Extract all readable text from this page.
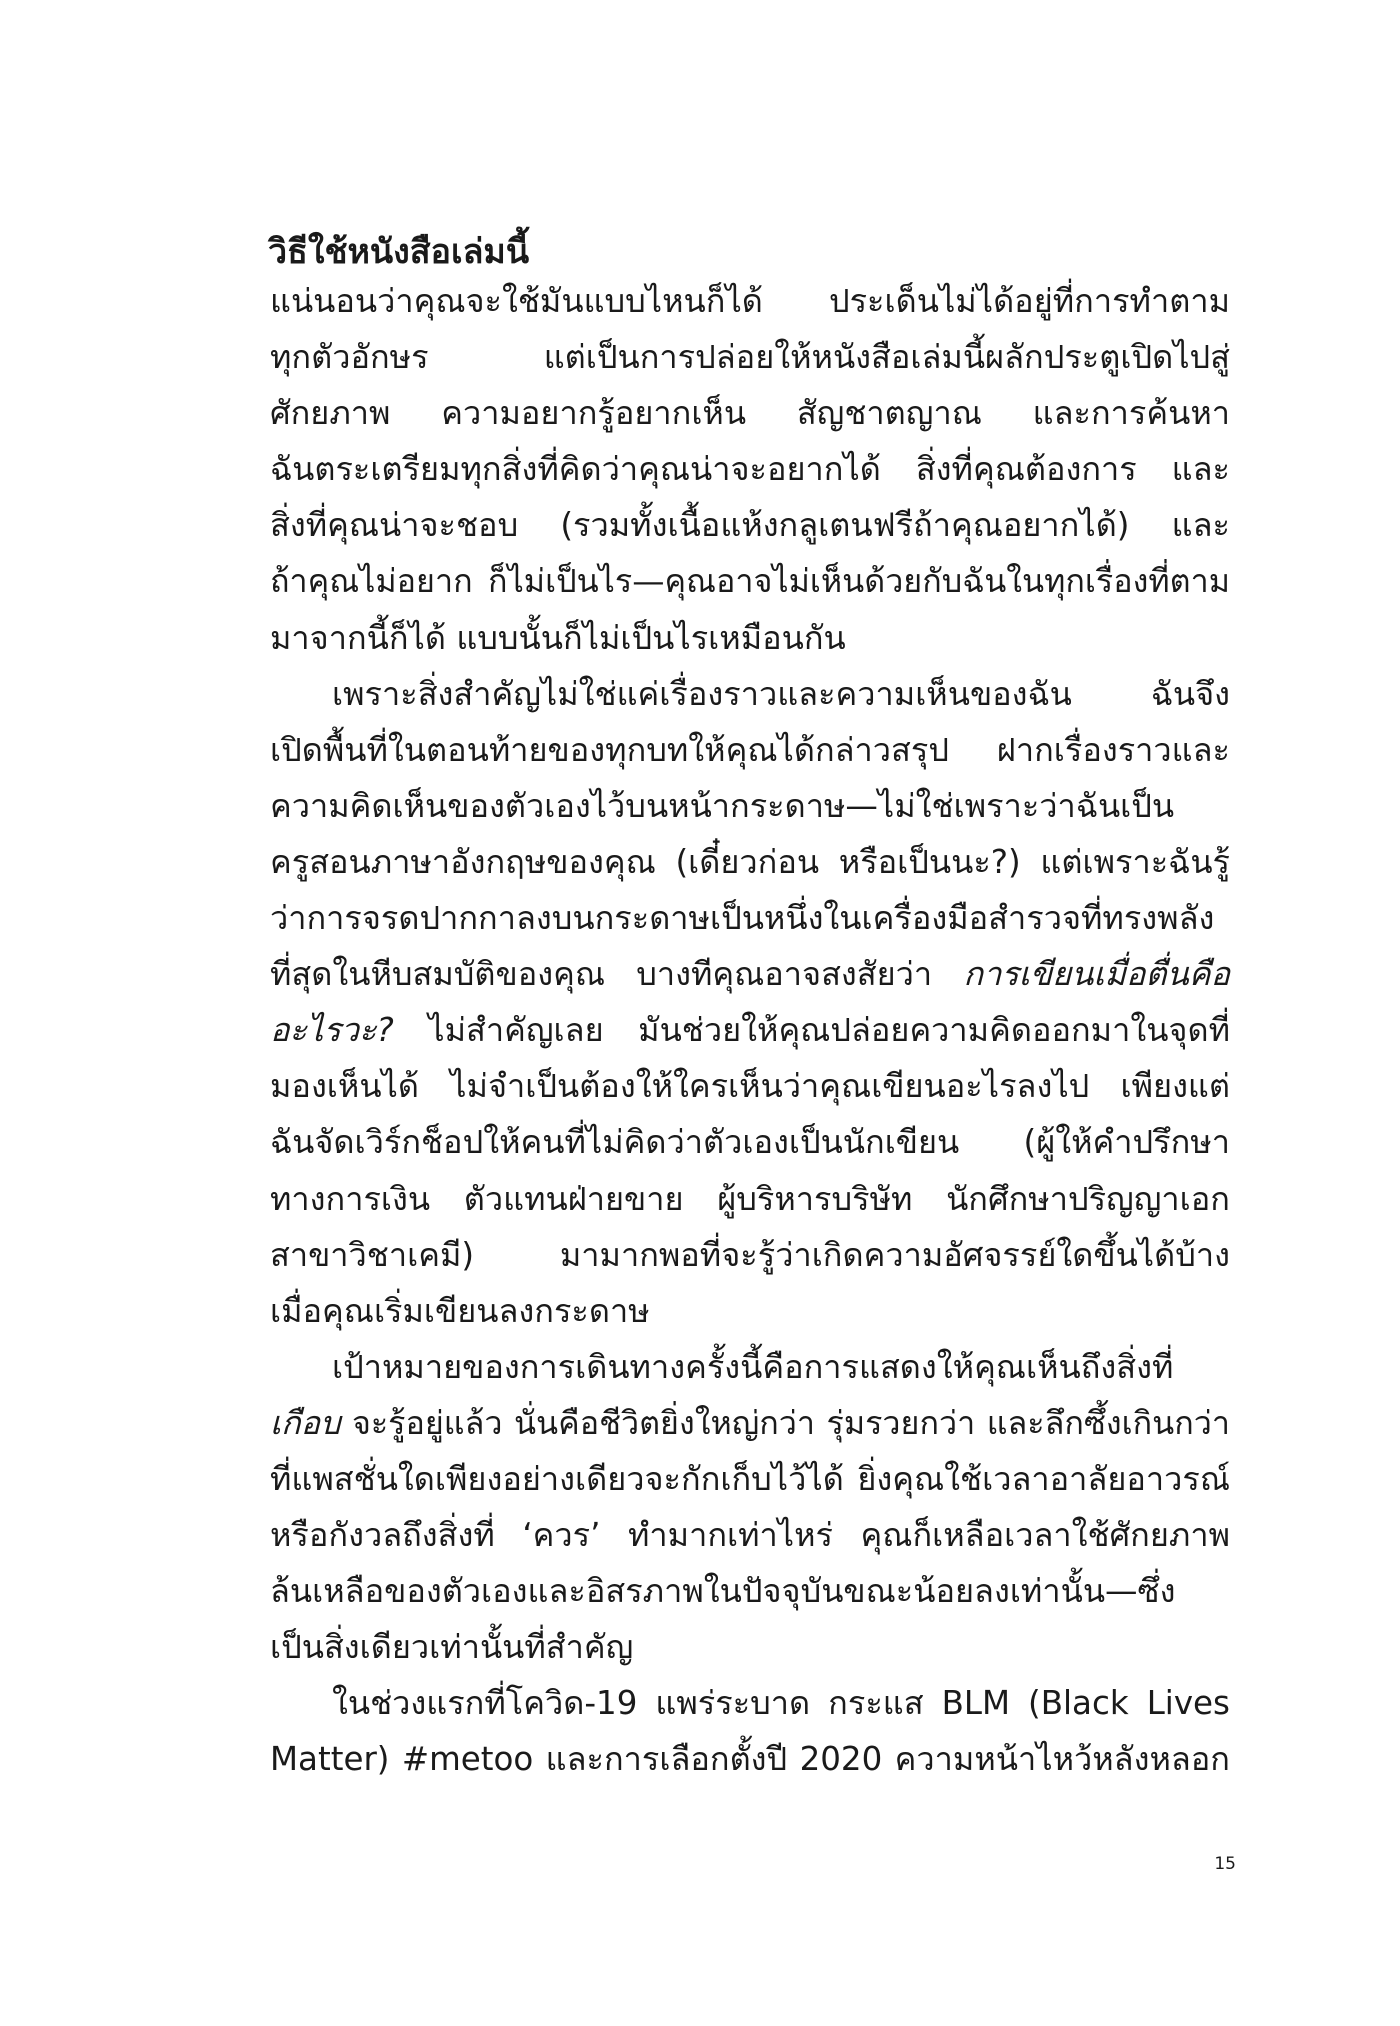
วิธีใช้หนังสือเล่มนี้
แน่นอนว่าคุณจะใช้มันแบบไหนก็ได้ ประเด็นไม่ได้อยู่ที่การทำตาม
ทุกตัวอักษร แต่เป็นการปล่อยให้หนังสือเล่มนี้ผลักประตูเปิดไปสู่
ศักยภาพ ความอยากรู้อยากเห็น สัญชาตญาณ และการค้นหา
ฉันตระเตรียมทุกสิ่งที่คิดว่าคุณน่าจะอยากได้ สิ่งที่คุณต้องการ และ
สิ่งที่คุณน่าจะชอบ (รวมทั้งเนื้อแห้งกลูเตนฟรีถ้าคุณอยากได้) และ
ถ้าคุณไม่อยาก ก็ไม่เป็นไร—คุณอาจไม่เห็นด้วยกับฉันในทุกเรื่องที่ตาม
มาจากนี้ก็ได้ แบบนั้นก็ไม่เป็นไรเหมือนกัน
เพราะสิ่งสำคัญไม่ใช่แค่เรื่องราวและความเห็นของฉัน ฉันจึง
เปิดพื้นที่ในตอนท้ายของทุกบทให้คุณได้กล่าวสรุป ฝากเรื่องราวและ
ความคิดเห็นของตัวเองไว้บนหน้ากระดาษ—ไม่ใช่เพราะว่าฉันเป็น
ครูสอนภาษาอังกฤษของคุณ (เดี๋ยวก่อน หรือเป็นนะ?) แต่เพราะฉันรู้
ว่าการจรดปากกาลงบนกระดาษเป็นหนึ่งในเครื่องมือสำรวจที่ทรงพลัง
ที่สุดในหีบสมบัติของคุณ บางทีคุณอาจสงสัยว่า การเขียนเมื่อตื่นคือ
อะไรวะ? ไม่สำคัญเลย มันช่วยให้คุณปล่อยความคิดออกมาในจุดที่
มองเห็นได้ ไม่จำเป็นต้องให้ใครเห็นว่าคุณเขียนอะไรลงไป เพียงแต่
ฉันจัดเวิร์กช็อปให้คนที่ไม่คิดว่าตัวเองเป็นนักเขียน (ผู้ให้คำปรึกษา
ทางการเงิน ตัวแทนฝ่ายขาย ผู้บริหารบริษัท นักศึกษาปริญญาเอก
สาขาวิชาเคมี) มามากพอที่จะรู้ว่าเกิดความอัศจรรย์ใดขึ้นได้บ้าง
เมื่อคุณเริ่มเขียนลงกระดาษ
เป้าหมายของการเดินทางครั้งนี้คือการแสดงให้คุณเห็นถึงสิ่งที่
เกือบ จะรู้อยู่แล้ว นั่นคือชีวิตยิ่งใหญ่กว่า รุ่มรวยกว่า และลึกซึ้งเกินกว่า
ที่แพสชั่นใดเพียงอย่างเดียวจะกักเก็บไว้ได้ ยิ่งคุณใช้เวลาอาลัยอาวรณ์
หรือกังวลถึงสิ่งที่ ‘ควร’ ทำมากเท่าไหร่ คุณก็เหลือเวลาใช้ศักยภาพ
ล้นเหลือของตัวเองและอิสรภาพในปัจจุบันขณะน้อยลงเท่านั้น—ซึ่ง
เป็นสิ่งเดียวเท่านั้นที่สำคัญ
ในช่วงแรกที่โควิด-19 แพร่ระบาด กระแส BLM (Black Lives
Matter) #metoo และการเลือกตั้งปี 2020 ความหน้าไหว้หลังหลอก
15
